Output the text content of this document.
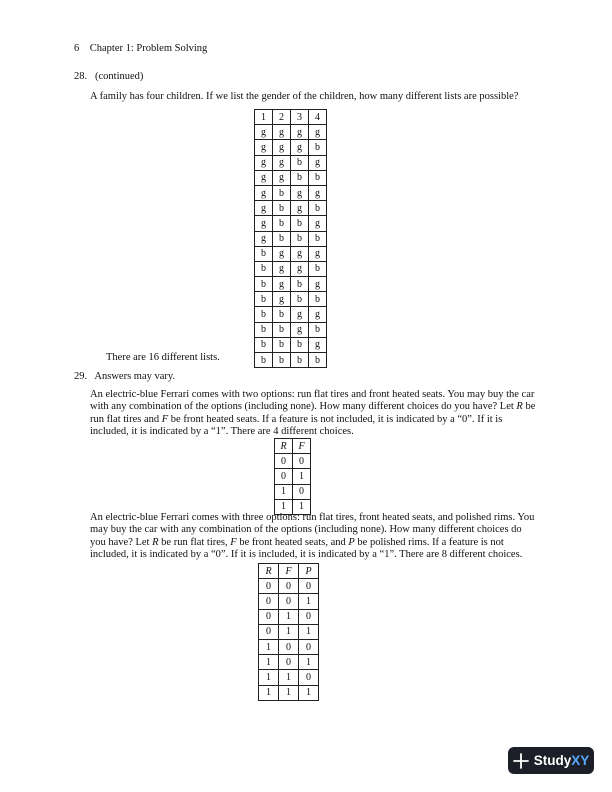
6 Chapter 1: Problem Solving
28. (continued)
A family has four children. If we list the gender of the children, how many different lists are possible?
1	2	3	4
g	g	g	g
g	g	g	b
g	g	b	g
g	g	b	b
g	b	g	g
g	b	g	b
g	b	b	g
g	b	b	b
b	g	g	g
b	g	g	b
b	g	b	g
b	g	b	b
b	b	g	g
b	b	g	b
b	b	b	g
b	b	b	b
There are 16 different lists.
29. Answers may vary.
An electric-blue Ferrari comes with two options: run flat tires and front heated seats. You may buy the car with any combination of the options (including none). How many different choices do you have? Let R be run flat tires and F be front heated seats. If a feature is not included, it is indicated by a “0”. If it is included, it is indicated by a “1”. There are 4 different choices.
R	F
0	0
0	1
1	0
1	1
An electric-blue Ferrari comes with three options: run flat tires, front heated seats, and polished rims. You may buy the car with any combination of the options (including none). How many different choices do you have? Let R be run flat tires, F be front heated seats, and P be polished rims. If a feature is not included, it is indicated by a “0”. If it is included, it is indicated by a “1”. There are 8 different choices.
R	F	P
0	0	0
0	0	1
0	1	0
0	1	1
1	0	0
1	0	1
1	1	0
1	1	1
StudyXY
